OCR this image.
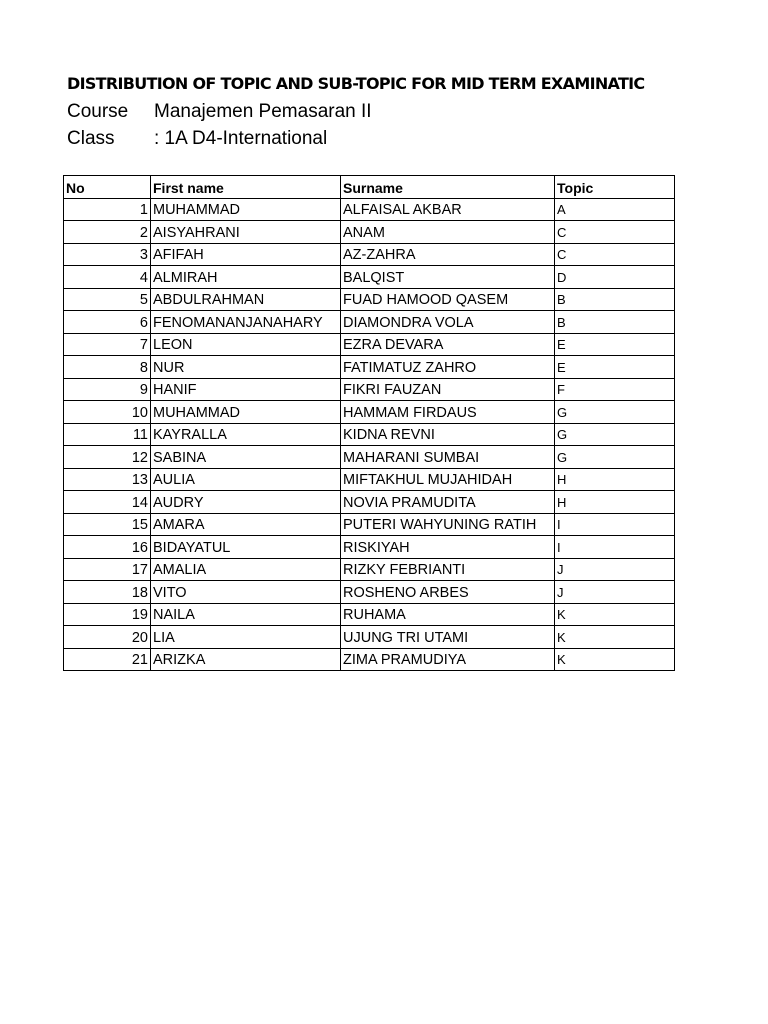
DISTRIBUTION OF TOPIC AND SUB-TOPIC FOR MID TERM EXAMINATIC
Course Manajemen Pemasaran II
Class : 1A D4-International
No	First name	Surname	Topic
1	MUHAMMAD	ALFAISAL AKBAR	A
2	AISYAHRANI	ANAM	C
3	AFIFAH	AZ-ZAHRA	C
4	ALMIRAH	BALQIST	D
5	ABDULRAHMAN	FUAD HAMOOD QASEM	B
6	FENOMANANJANAHARY	DIAMONDRA VOLA	B
7	LEON	EZRA DEVARA	E
8	NUR	FATIMATUZ ZAHRO	E
9	HANIF	FIKRI FAUZAN	F
10	MUHAMMAD	HAMMAM FIRDAUS	G
11	KAYRALLA	KIDNA REVNI	G
12	SABINA	MAHARANI SUMBAI	G
13	AULIA	MIFTAKHUL MUJAHIDAH	H
14	AUDRY	NOVIA PRAMUDITA	H
15	AMARA	PUTERI WAHYUNING RATIH	I
16	BIDAYATUL	RISKIYAH	I
17	AMALIA	RIZKY FEBRIANTI	J
18	VITO	ROSHENO ARBES	J
19	NAILA	RUHAMA	K
20	LIA	UJUNG TRI UTAMI	K
21	ARIZKA	ZIMA PRAMUDIYA	K
